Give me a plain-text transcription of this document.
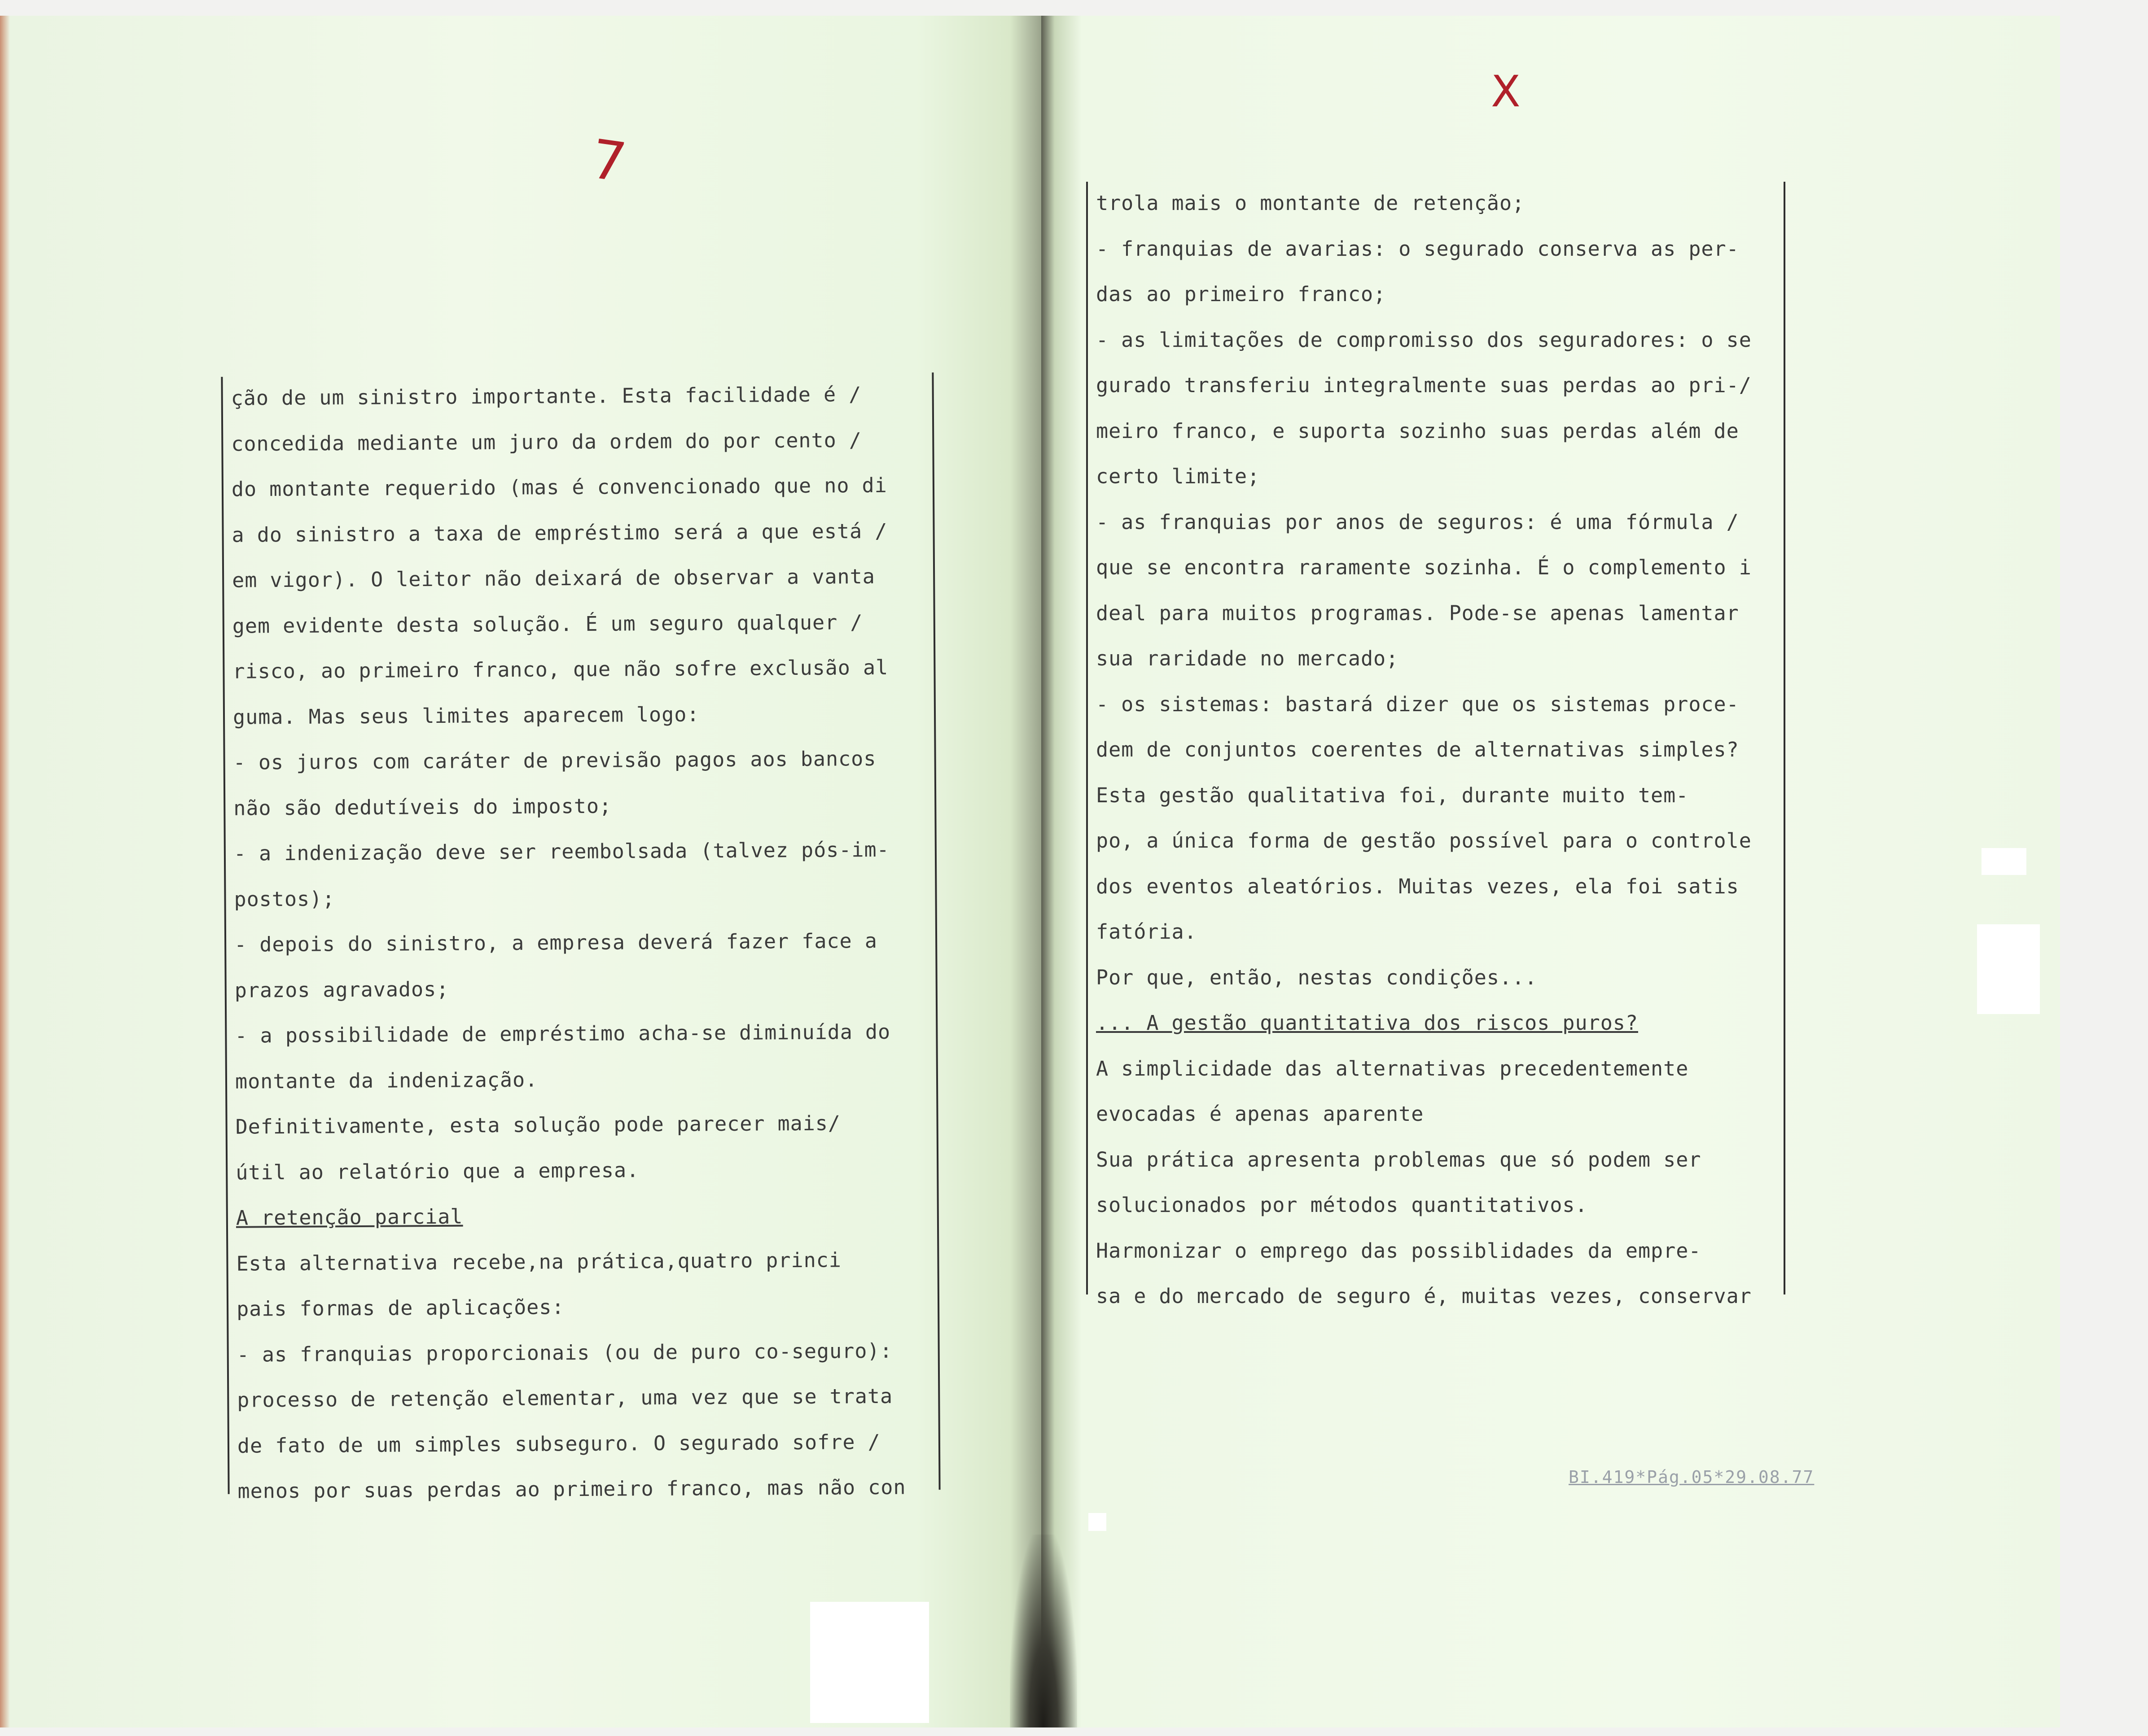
7
X
ção de um sinistro importante. Esta facilidade é /
concedida mediante um juro da ordem do por cento /
do montante requerido (mas é convencionado que no di
a do sinistro a taxa de empréstimo será a que está /
em vigor). O leitor não deixará de observar a vanta
gem evidente desta solução. É um seguro qualquer /
risco, ao primeiro franco, que não sofre exclusão al
guma. Mas seus limites aparecem logo:
- os juros com caráter de previsão pagos aos bancos
não são dedutíveis do imposto;
- a indenização deve ser reembolsada (talvez pós-im-
postos);
- depois do sinistro, a empresa deverá fazer face a
prazos agravados;
- a possibilidade de empréstimo acha-se diminuída do
montante da indenização.
Definitivamente, esta solução pode parecer mais/
útil ao relatório que a empresa.
A retenção parcial
Esta alternativa recebe,na prática,quatro princi
pais formas de aplicações:
- as franquias proporcionais (ou de puro co-seguro):
processo de retenção elementar, uma vez que se trata
de fato de um simples subseguro. O segurado sofre /
menos por suas perdas ao primeiro franco, mas não con
trola mais o montante de retenção;
- franquias de avarias: o segurado conserva as per-
das ao primeiro franco;
- as limitações de compromisso dos seguradores: o se
gurado transferiu integralmente suas perdas ao pri-/
meiro franco, e suporta sozinho suas perdas além de
certo limite;
- as franquias por anos de seguros: é uma fórmula /
que se encontra raramente sozinha. É o complemento i
deal para muitos programas. Pode-se apenas lamentar
sua raridade no mercado;
- os sistemas: bastará dizer que os sistemas proce-
dem de conjuntos coerentes de alternativas simples?
Esta gestão qualitativa foi, durante muito tem-
po, a única forma de gestão possível para o controle
dos eventos aleatórios. Muitas vezes, ela foi satis
fatória.
Por que, então, nestas condições...
... A gestão quantitativa dos riscos puros?
A simplicidade das alternativas precedentemente
evocadas é apenas aparente
Sua prática apresenta problemas que só podem ser
solucionados por métodos quantitativos.
Harmonizar o emprego das possiblidades da empre-
sa e do mercado de seguro é, muitas vezes, conservar
BI.419*Pág.05*29.08.77
